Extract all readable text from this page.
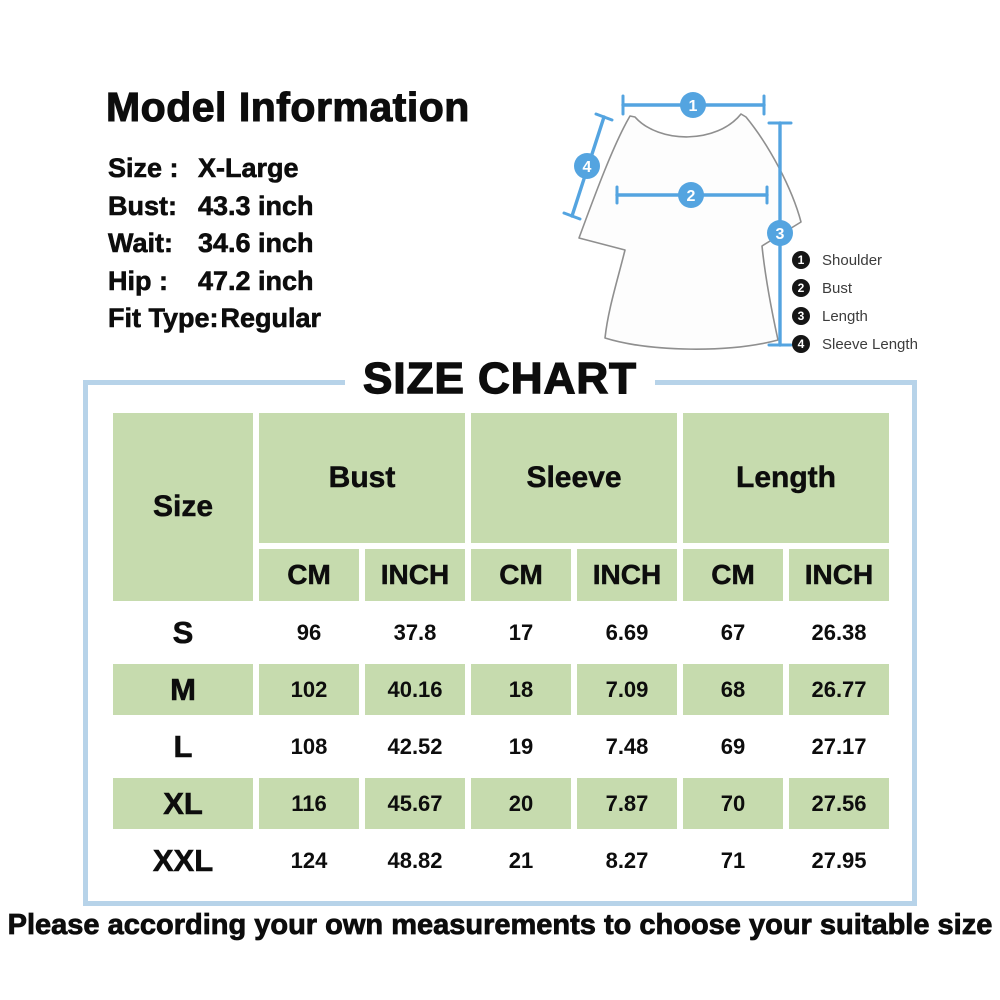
Model Information
Size : X-Large
Bust: 43.3 inch
Wait: 34.6 inch
Hip : 47.2 inch
Fit Type:Regular
1
2
3
4
1	Shoulder
2	Bust
3	Length
4	Sleeve Length
SIZE CHART
Size
Bust	Sleeve	Length
CM	INCH	CM	INCH	CM	INCH
S	96	37.8	17	6.69	67	26.38
M	102	40.16	18	7.09	68	26.77
L	108	42.52	19	7.48	69	27.17
XL	116	45.67	20	7.87	70	27.56
XXL	124	48.82	21	8.27	71	27.95
Please according your own measurements to choose your suitable size
